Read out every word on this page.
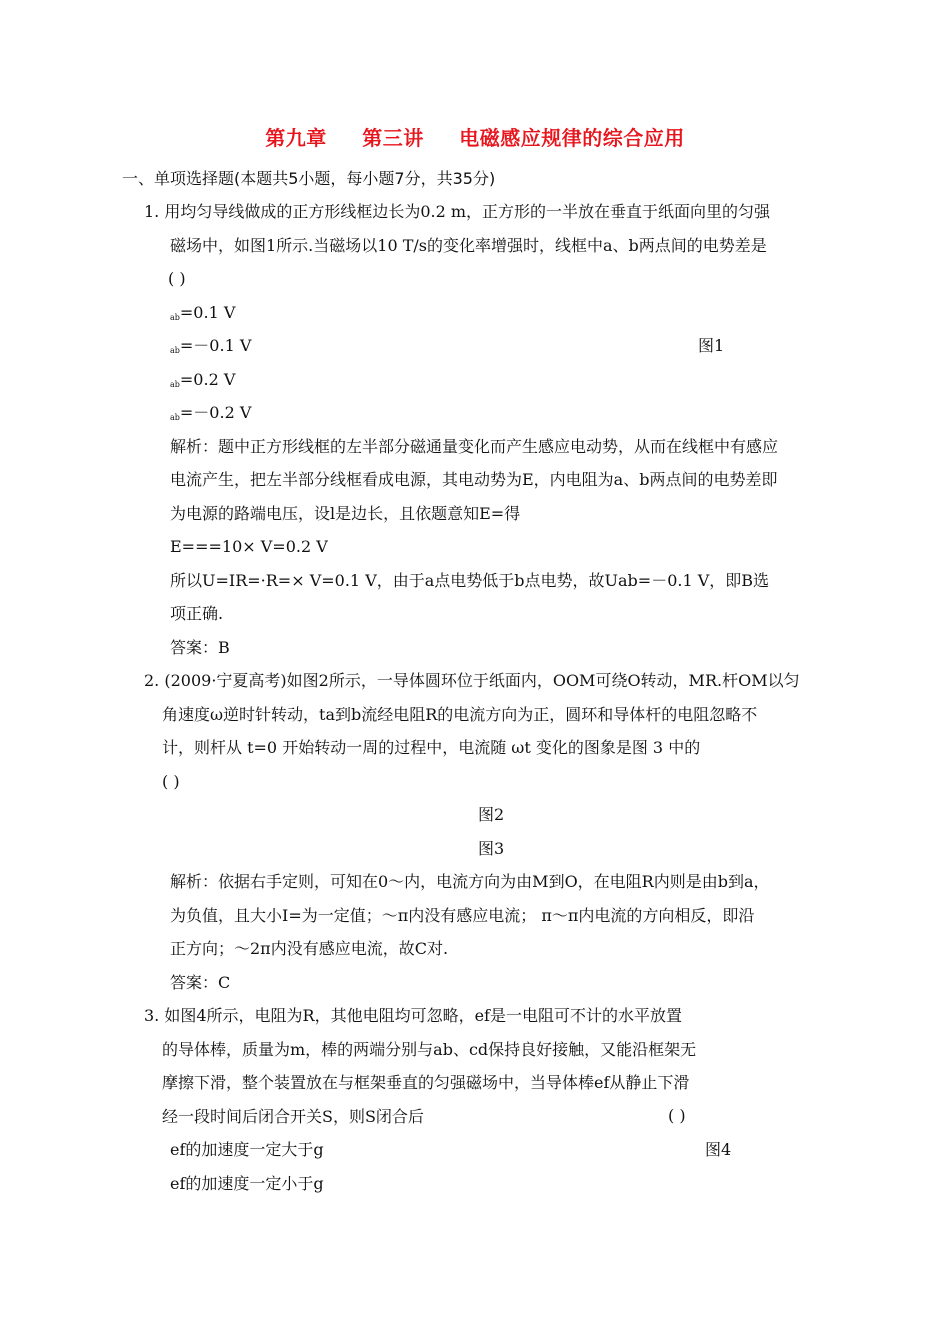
第九章 第三讲 电磁感应规律的综合应用
一、单项选择题(本题共5小题，每小题7分，共35分)
1. 用均匀导线做成的正方形线框边长为0.2 m，正方形的一半放在垂直于纸面向里的匀强
磁场中，如图1所示.当磁场以10 T/s的变化率增强时，线框中a、b两点间的电势差是
( )
$_{ab}$=0.1 V
$_{ab}$=－0.1 V	图1
$_{ab}$=0.2 V
$_{ab}$=－0.2 V
解析：题中正方形线框的左半部分磁通量变化而产生感应电动势，从而在线框中有感应
电流产生，把左半部分线框看成电源，其电动势为E，内电阻为a、b两点间的电势差即
为电源的路端电压，设l是边长，且依题意知E=得
E===10× V=0.2 V
所以U=IR=·R=× V=0.1 V，由于a点电势低于b点电势，故Uab=－0.1 V，即B选
项正确.
答案：B
2. (2009·宁夏高考)如图2所示，一导体圆环位于纸面内，OOM可绕O转动，MR.杆OM以匀
角速度ω逆时针转动，ta到b流经电阻R的电流方向为正，圆环和导体杆的电阻忽略不
计，则杆从 t=0 开始转动一周的过程中，电流随 ωt 变化的图象是图 3 中的
( )
图2
图3
解析：依据右手定则，可知在0～内，电流方向为由M到O，在电阻R内则是由b到a，
为负值，且大小I=为一定值；～π内没有感应电流； π～π内电流的方向相反，即沿
正方向；～2π内没有感应电流，故C对.
答案：C
3. 如图4所示，电阻为R，其他电阻均可忽略，ef是一电阻可不计的水平放置
的导体棒，质量为m，棒的两端分别与ab、cd保持良好接触，又能沿框架无
摩擦下滑，整个装置放在与框架垂直的匀强磁场中，当导体棒ef从静止下滑
经一段时间后闭合开关S，则S闭合后	( )
ef的加速度一定大于g	图4
ef的加速度一定小于g
